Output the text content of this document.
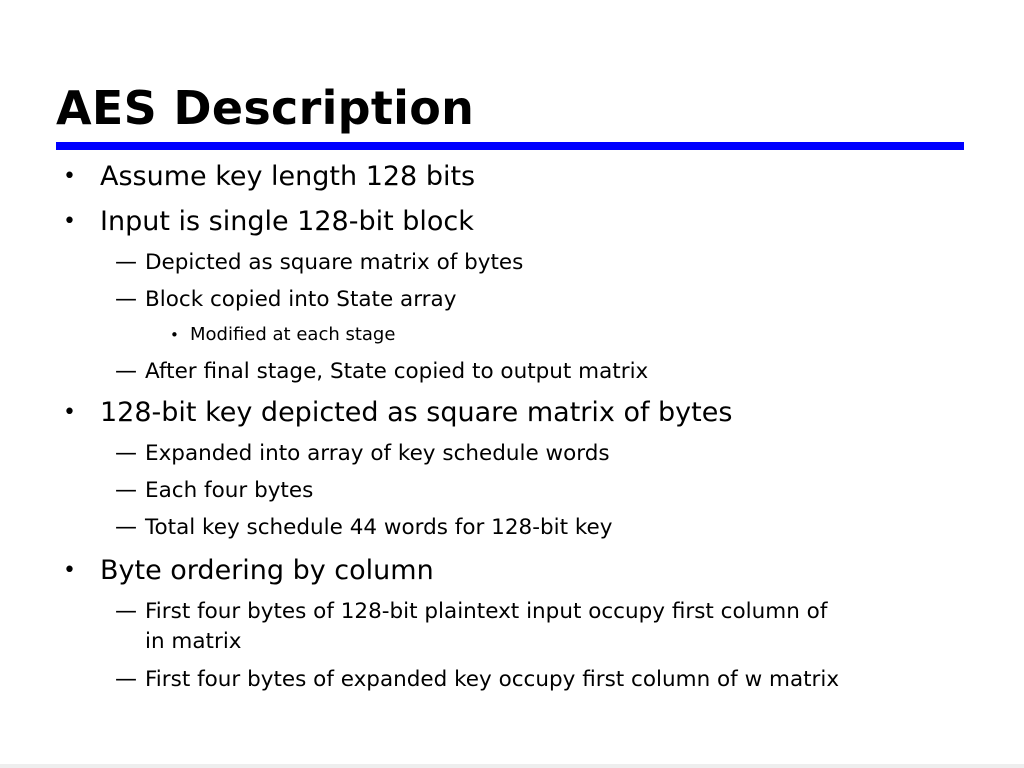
AES Description
• Assume key length 128 bits
• Input is single 128-bit block
— Depicted as square matrix of bytes
— Block copied into State array
• Modified at each stage
— After final stage, State copied to output matrix
• 128-bit key depicted as square matrix of bytes
— Expanded into array of key schedule words
— Each four bytes
— Total key schedule 44 words for 128-bit key
• Byte ordering by column
— First four bytes of 128-bit plaintext input occupy first column of
in matrix
— First four bytes of expanded key occupy first column of w matrix
